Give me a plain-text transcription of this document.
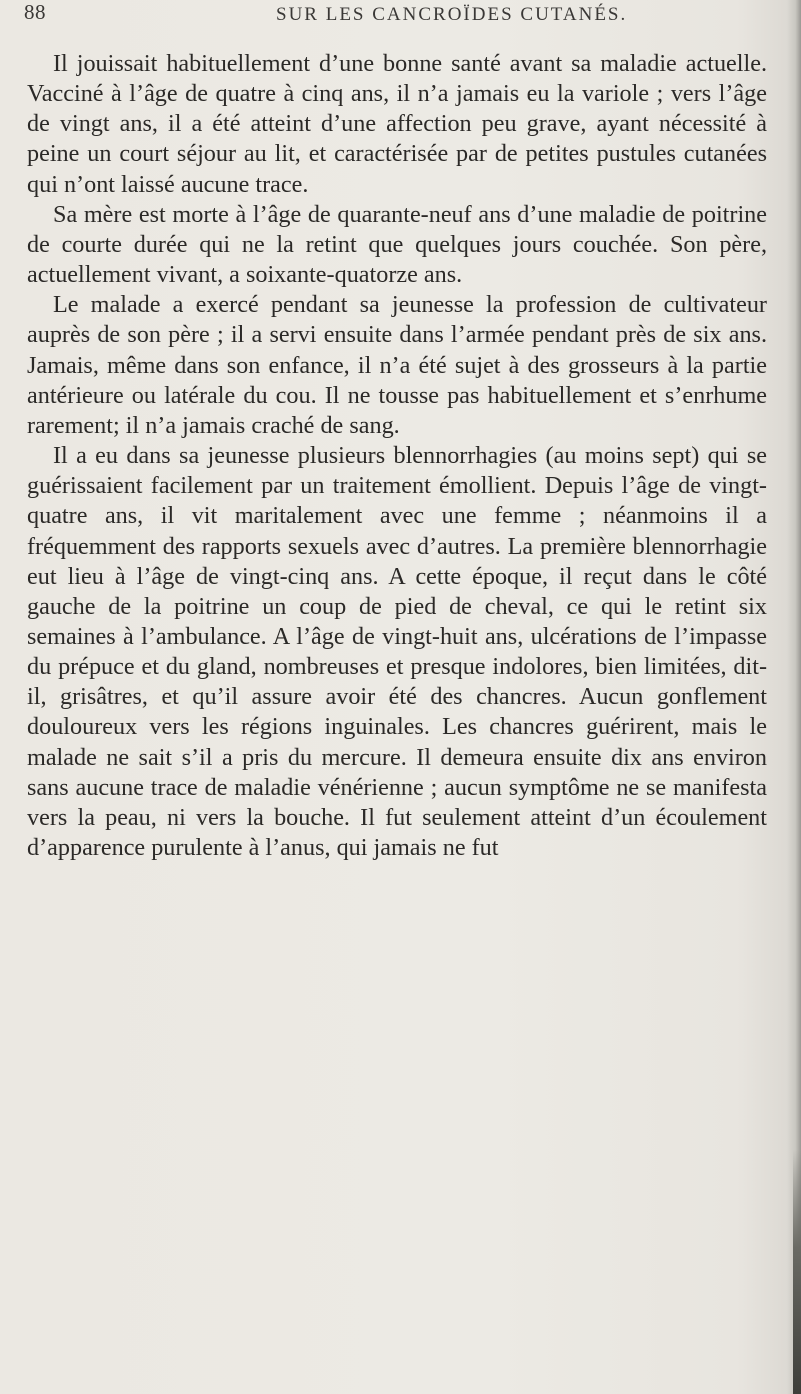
88	SUR LES CANCROÏDES CUTANÉS.

Il jouissait habituellement d’une bonne santé avant sa maladie actuelle. Vacciné à l’âge de quatre à cinq ans, il n’a jamais eu la variole ; vers l’âge de vingt ans, il a été atteint d’une affection peu grave, ayant nécessité à peine un court séjour au lit, et caractérisée par de petites pustules cutanées qui n’ont laissé aucune trace.

Sa mère est morte à l’âge de quarante-neuf ans d’une maladie de poitrine de courte durée qui ne la retint que quelques jours couchée. Son père, actuellement vivant, a soixante-quatorze ans.

Le malade a exercé pendant sa jeunesse la profession de cultivateur auprès de son père ; il a servi ensuite dans l’armée pendant près de six ans. Jamais, même dans son enfance, il n’a été sujet à des grosseurs à la partie antérieure ou latérale du cou. Il ne tousse pas habituellement et s’enrhume rarement; il n’a jamais craché de sang.

Il a eu dans sa jeunesse plusieurs blennorrhagies (au moins sept) qui se guérissaient facilement par un traitement émollient. Depuis l’âge de vingt-quatre ans, il vit maritalement avec une femme ; néanmoins il a fréquemment des rapports sexuels avec d’autres. La première blennorrhagie eut lieu à l’âge de vingt-cinq ans. A cette époque, il reçut dans le côté gauche de la poitrine un coup de pied de cheval, ce qui le retint six semaines à l’ambulance. A l’âge de vingt-huit ans, ulcérations de l’impasse du prépuce et du gland, nombreuses et presque indolores, bien limitées, dit-il, grisâtres, et qu’il assure avoir été des chancres. Aucun gonflement douloureux vers les régions inguinales. Les chancres guérirent, mais le malade ne sait s’il a pris du mercure. Il demeura ensuite dix ans environ sans aucune trace de maladie vénérienne ; aucun symptôme ne se manifesta vers la peau, ni vers la bouche. Il fut seulement atteint d’un écoulement d’apparence purulente à l’anus, qui jamais ne fut
